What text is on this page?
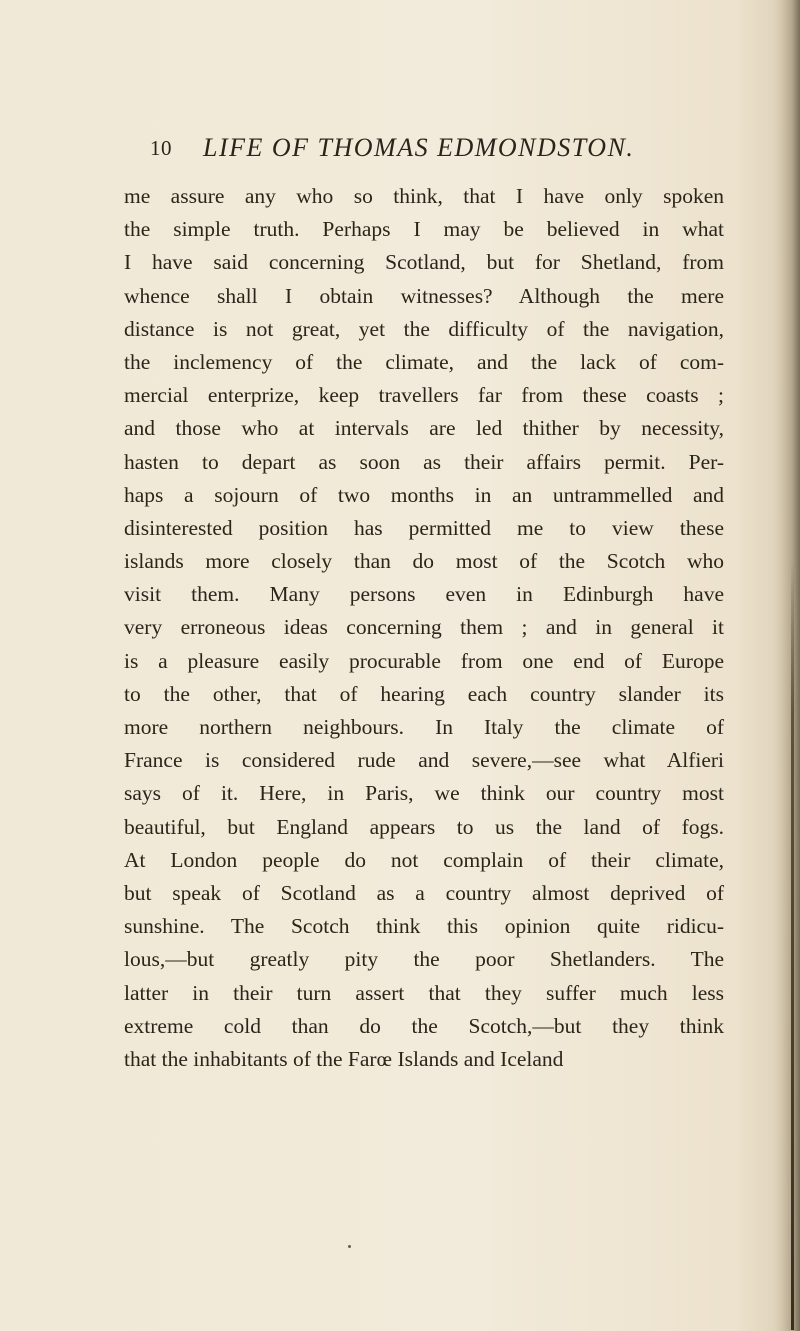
10 LIFE OF THOMAS EDMONDSTON.
me assure any who so think, that I have only spoken
the simple truth. Perhaps I may be believed in what
I have said concerning Scotland, but for Shetland, from
whence shall I obtain witnesses? Although the mere
distance is not great, yet the difficulty of the navigation,
the inclemency of the climate, and the lack of com-
mercial enterprize, keep travellers far from these coasts ;
and those who at intervals are led thither by necessity,
hasten to depart as soon as their affairs permit. Per-
haps a sojourn of two months in an untrammelled and
disinterested position has permitted me to view these
islands more closely than do most of the Scotch who
visit them. Many persons even in Edinburgh have
very erroneous ideas concerning them ; and in general it
is a pleasure easily procurable from one end of Europe
to the other, that of hearing each country slander its
more northern neighbours. In Italy the climate of
France is considered rude and severe,—see what Alfieri
says of it. Here, in Paris, we think our country most
beautiful, but England appears to us the land of fogs.
At London people do not complain of their climate,
but speak of Scotland as a country almost deprived of
sunshine. The Scotch think this opinion quite ridicu-
lous,—but greatly pity the poor Shetlanders. The
latter in their turn assert that they suffer much less
extreme cold than do the Scotch,—but they think
that the inhabitants of the Farœ Islands and Iceland
